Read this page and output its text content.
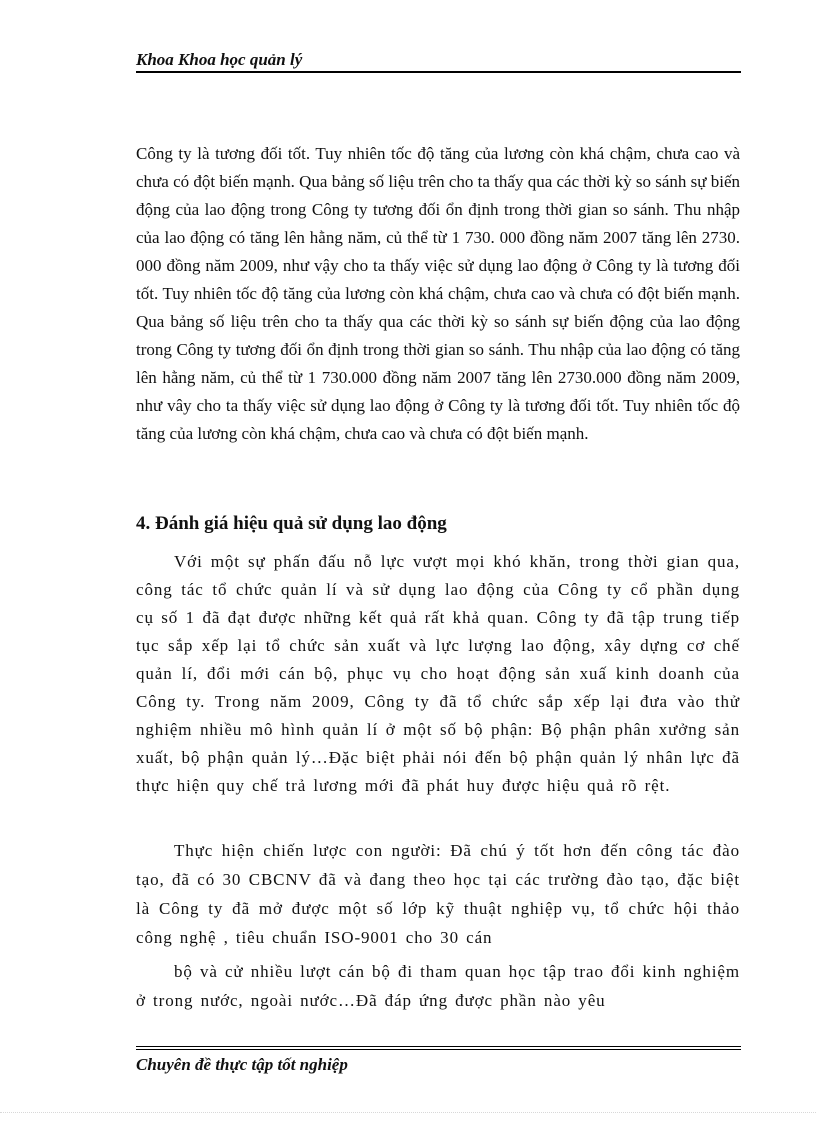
Khoa Khoa học quản lý

Công ty là tương đối tốt. Tuy nhiên tốc độ tăng của lương còn khá chậm, chưa cao và chưa có đột biến mạnh. Qua bảng số liệu trên cho ta thấy qua các thời kỳ so sánh sự biến động của lao động trong Công ty tương đối ổn định trong thời gian so sánh. Thu nhập của lao động có tăng lên hằng năm, củ thể từ 1 730. 000 đồng năm 2007 tăng lên 2730. 000 đồng năm 2009, như vậy cho ta thấy việc sử dụng lao động ở Công ty là tương đối tốt. Tuy nhiên tốc độ tăng của lương còn khá chậm, chưa cao và chưa có đột biến mạnh. Qua bảng số liệu trên cho ta thấy qua các thời kỳ so sánh sự biến động của lao động trong Công ty tương đối ổn định trong thời gian so sánh. Thu nhập của lao động có tăng lên hằng năm, củ thể từ 1 730.000 đồng năm 2007 tăng lên 2730.000 đồng năm 2009, như vây cho ta thấy việc sử dụng lao động ở Công ty là tương đối tốt. Tuy nhiên tốc độ tăng của lương còn khá chậm, chưa cao và chưa có đột biến mạnh.

4. Đánh giá hiệu quả sử dụng lao động

Với một sự phấn đấu nỗ lực vượt mọi khó khăn, trong thời gian qua, công tác tổ chức quản lí và sử dụng lao động của Công ty cổ phần dụng cụ số 1 đã đạt được những kết quả rất khả quan. Công ty đã tập trung tiếp tục sắp xếp lại tổ chức sản xuất và lực lượng lao động, xây dựng cơ chế quản lí, đổi mới cán bộ, phục vụ cho hoạt động sản xuấ kinh doanh của Công ty. Trong năm 2009, Công ty đã tổ chức sắp xếp lại đưa vào thử nghiệm nhiều mô hình quản lí ở một số bộ phận: Bộ phận phân xưởng sản xuất, bộ phận quản lý…Đặc biệt phải nói đến bộ phận quản lý nhân lực đã thực hiện quy chế trả lương mới đã phát huy được hiệu quả rõ rệt.

Thực hiện chiến lược con người: Đã chú ý tốt hơn đến công tác đào tạo, đã có 30 CBCNV đã và đang theo học tại các trường đào tạo, đặc biệt là Công ty đã mở được một số lớp kỹ thuật nghiệp vụ, tổ chức hội thảo công nghệ , tiêu chuẩn ISO-9001 cho 30 cán

bộ và cử nhiều lượt cán bộ đi tham quan học tập trao đổi kinh nghiệm ở trong nước, ngoài nước…Đã đáp ứng được phần nào yêu

Chuyên đề thực tập tốt nghiệp
